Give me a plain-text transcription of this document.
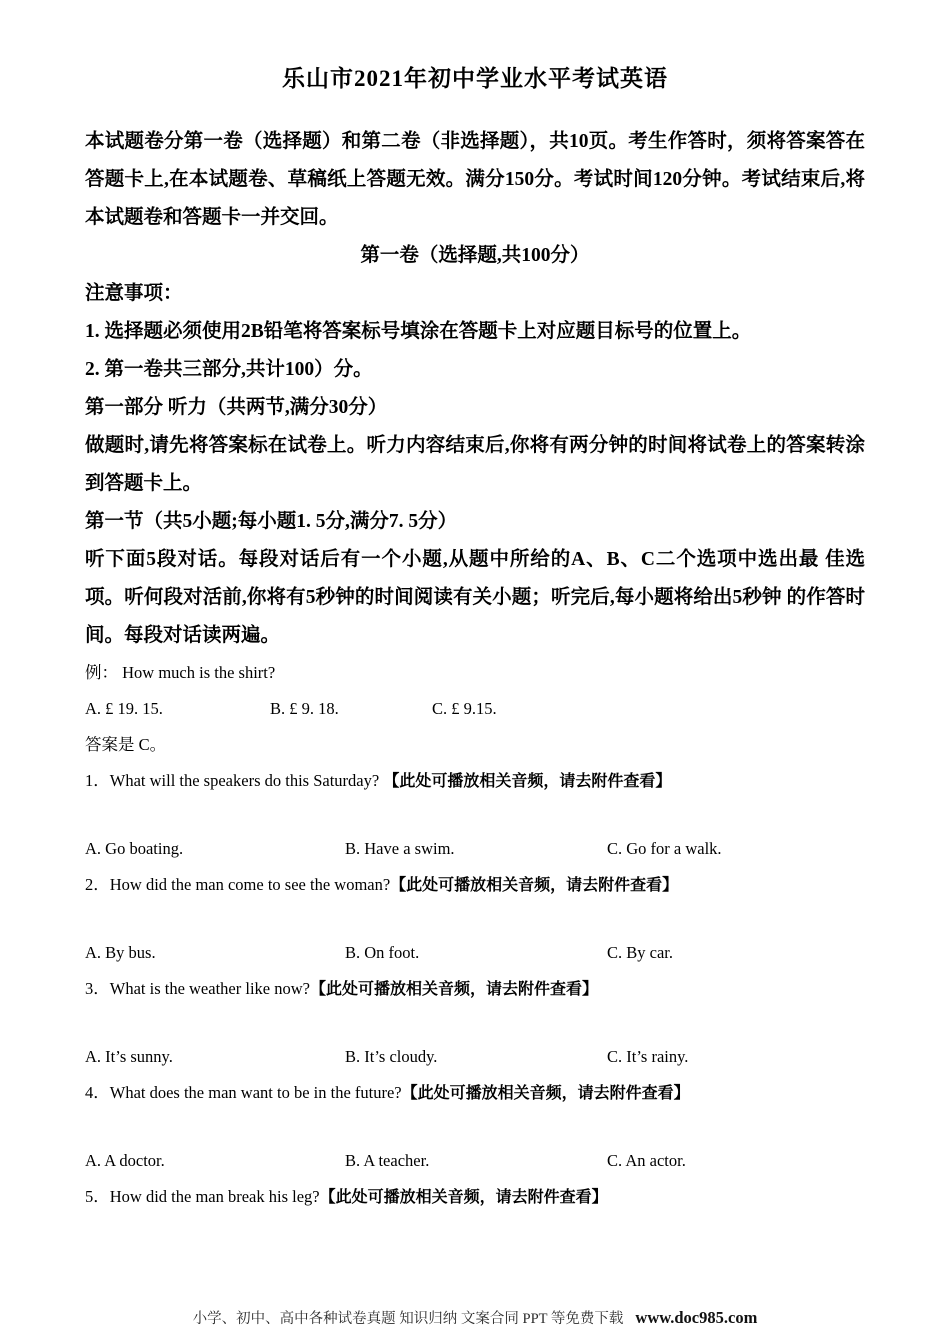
乐山市2021年初中学业水平考试英语

本试题卷分第一卷（选择题）和第二卷（非选择题），共10页。考生作答时，须将答案答在答题卡上,在本试题卷、草稿纸上答题无效。满分150分。考试时间120分钟。考试结束后,将本试题卷和答题卡一并交回。

第一卷（选择题,共100分）

注意事项：

1. 选择题必须使用2B铅笔将答案标号填涂在答题卡上对应题目标号的位置上。

2. 第一卷共三部分,共计100）分。

第一部分 听力（共两节,满分30分）

做题时,请先将答案标在试卷上。听力内容结束后,你将有两分钟的时间将试卷上的答案转涂到答题卡上。

第一节（共5小题;每小题1. 5分,满分7. 5分）

听下面5段对话。每段对话后有一个小题,从题中所给的A、B、C二个选项中选出最 佳选项。听何段对活前,你将有5秒钟的时间阅读有关小题；听完后,每小题将给出5秒钟 的作答时间。每段对话读两遍。

例： How much is the shirt?

A. £ 19. 15.	B. £ 9. 18.	C. £ 9.15.

答案是 C。

1．What will the speakers do this Saturday? 【此处可播放相关音频，请去附件查看】

A. Go boating.	B. Have a swim.	C. Go for a walk.

2．How did the man come to see the woman?【此处可播放相关音频，请去附件查看】

A. By bus.	B. On foot.	C. By car.

3．What is the weather like now?【此处可播放相关音频，请去附件查看】

A. It’s sunny.	B. It’s cloudy.	C. It’s rainy.

4．What does the man want to be in the future?【此处可播放相关音频，请去附件查看】

A. A doctor.	B. A teacher.	C. An actor.

5．How did the man break his leg?【此处可播放相关音频，请去附件查看】

小学、初中、高中各种试卷真题 知识归纳 文案合同 PPT 等免费下载 www.doc985.com
